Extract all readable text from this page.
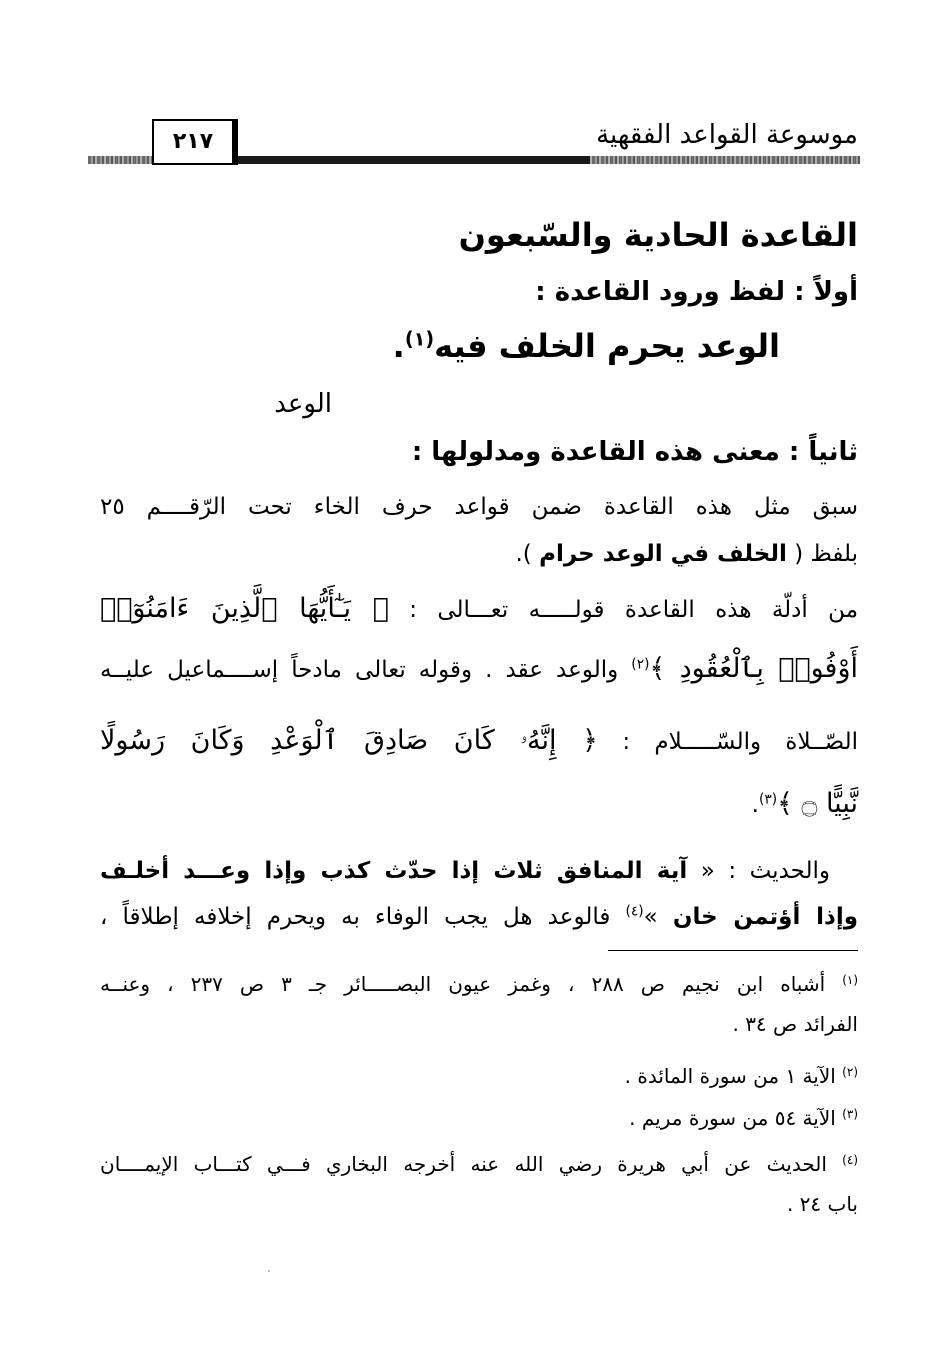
موسوعة القواعد الفقهية
٢١٧
القاعدة الحادية والسّبعون
أولاً : لفظ ورود القاعدة :
الوعد يحرم الخلف فيه$^{(١)}$.
الوعد
ثانياً : معنى هذه القاعدة ومدلولها :
سبق مثل هذه القاعدة ضمن قواعد حرف الخاء تحت الرّقــــم ٢٥
بلفظ ( الخلف في الوعد حرام ).
من أدلّة هذه القاعدة قولـــــه تعـــالى : ﴿ يَـٰٓأَيُّهَا ٱلَّذِينَ ءَامَنُوٓا۟
أَوْفُوا۟ بِٱلْعُقُودِ ﴾$^{(٢)}$ والوعد عقد . وقوله تعالى مادحاً إســــماعيل عليــه
الصّــلاة والسّـــــلام : ﴿ إِنَّهُۥ كَانَ صَادِقَ ٱلْوَعْدِ وَكَانَ رَسُولًا
نَّبِيًّا ۝ ﴾$^{(٣)}$.
والحديث : « آية المنافق ثلاث إذا حدّث كذب وإذا وعـــد أخلـف
وإذا أؤتمن خان »$^{(٤)}$ فالوعد هل يجب الوفاء به ويحرم إخلافه إطلاقاً ،
$^{(١)}$ أشباه ابن نجيم ص ٢٨٨ ، وغمز عيون البصـــــائر جـ ٣ ص ٢٣٧ ، وعنــه
الفرائد ص ٣٤ .
$^{(٢)}$ الآية ١ من سورة المائدة .
$^{(٣)}$ الآية ٥٤ من سورة مريم .
$^{(٤)}$ الحديث عن أبي هريرة رضي الله عنه أخرجه البخاري فـــي كتـــاب الإيمــــان
باب ٢٤ .
